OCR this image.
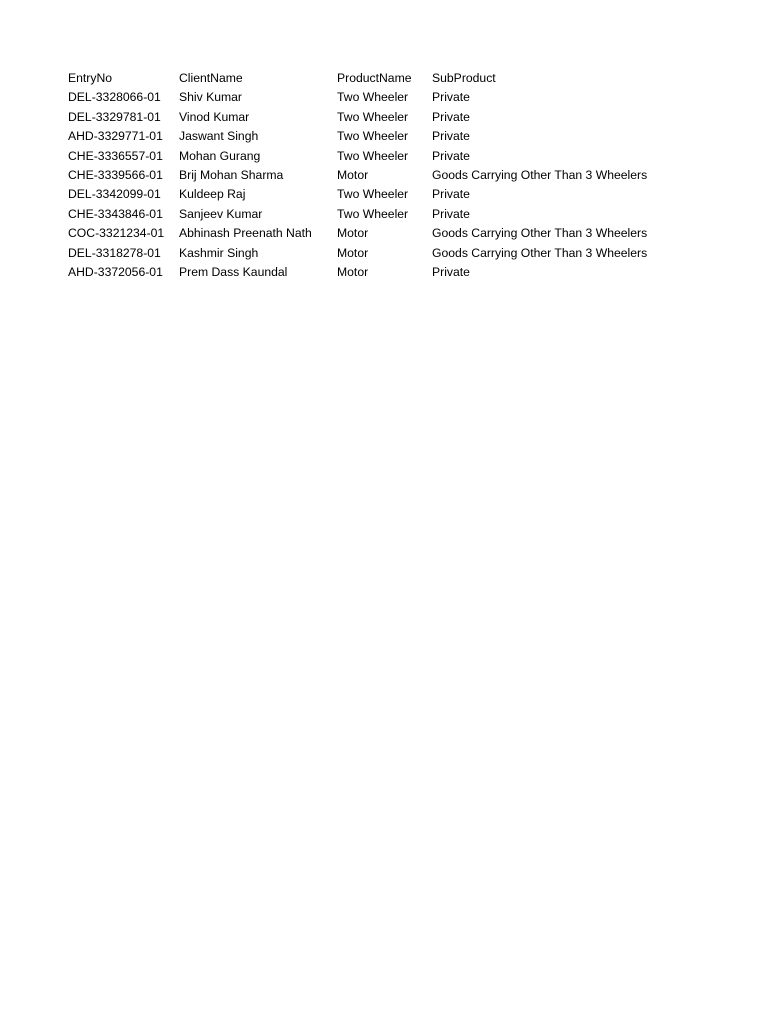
EntryNo	ClientName	ProductName	SubProduct
DEL-3328066-01	Shiv Kumar	Two Wheeler	Private
DEL-3329781-01	Vinod Kumar	Two Wheeler	Private
AHD-3329771-01	Jaswant Singh	Two Wheeler	Private
CHE-3336557-01	Mohan Gurang	Two Wheeler	Private
CHE-3339566-01	Brij Mohan Sharma	Motor	Goods Carrying Other Than 3 Wheelers
DEL-3342099-01	Kuldeep Raj	Two Wheeler	Private
CHE-3343846-01	Sanjeev Kumar	Two Wheeler	Private
COC-3321234-01	Abhinash Preenath Nath	Motor	Goods Carrying Other Than 3 Wheelers
DEL-3318278-01	Kashmir Singh	Motor	Goods Carrying Other Than 3 Wheelers
AHD-3372056-01	Prem Dass Kaundal	Motor	Private
